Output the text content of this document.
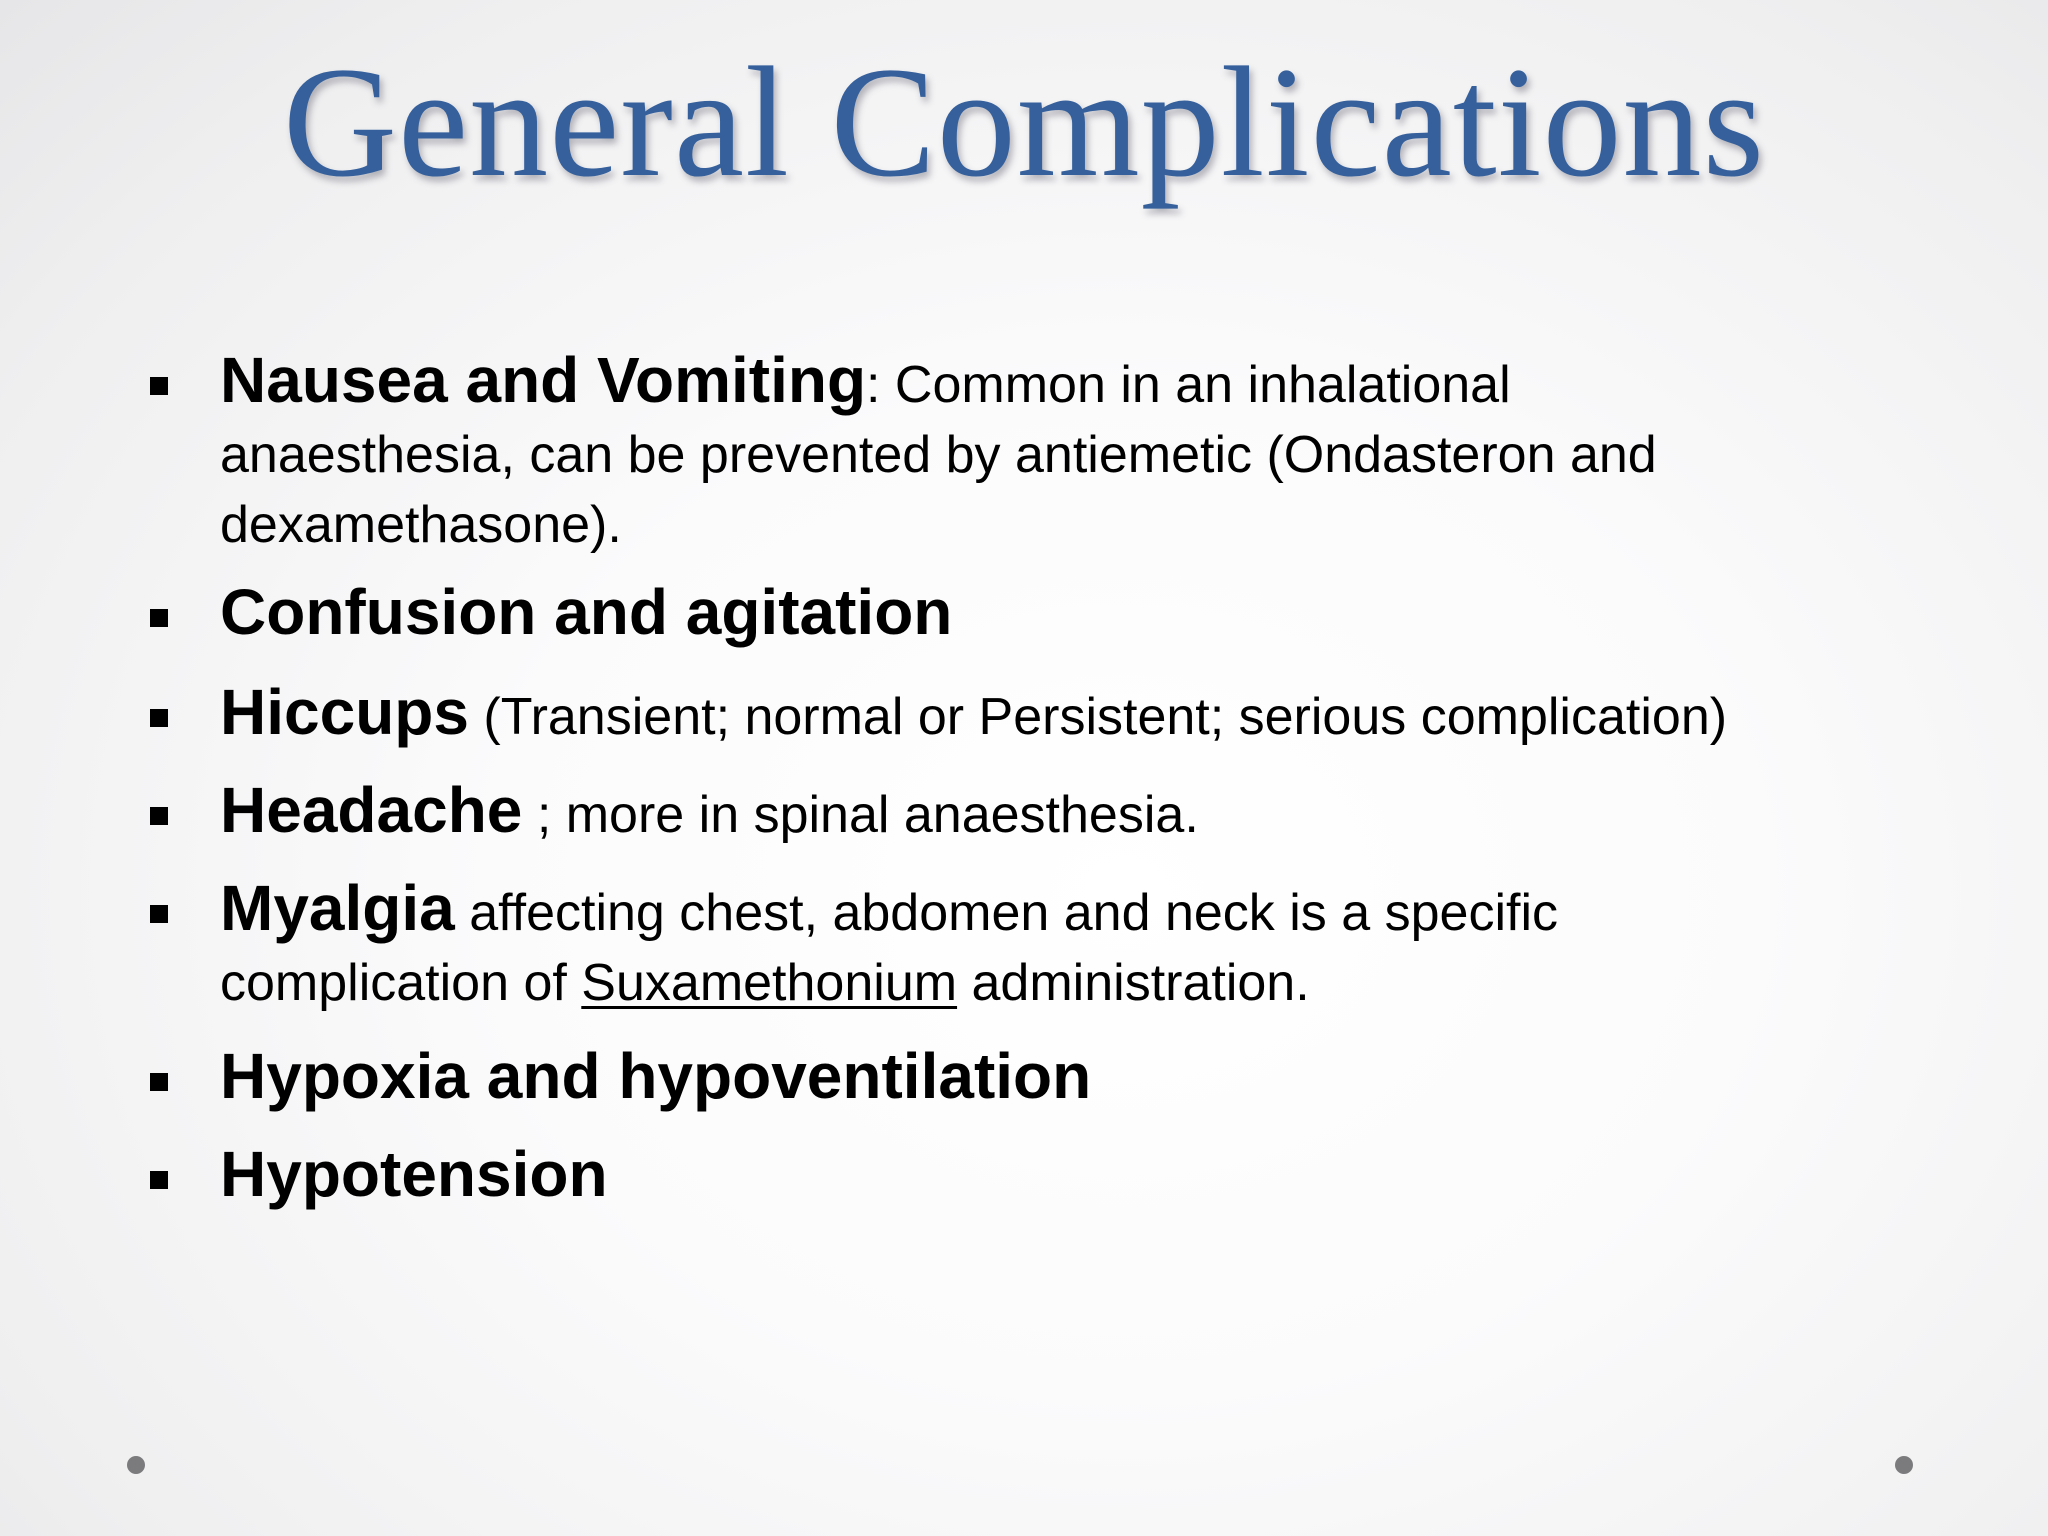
General Complications
Nausea and Vomiting: Common in an inhalational
anaesthesia, can be prevented by antiemetic (Ondasteron and
dexamethasone).
Confusion and agitation
Hiccups (Transient; normal or Persistent; serious complication)
Headache ; more in spinal anaesthesia.
Myalgia affecting chest, abdomen and neck is a specific
complication of Suxamethonium administration.
Hypoxia and hypoventilation
Hypotension
